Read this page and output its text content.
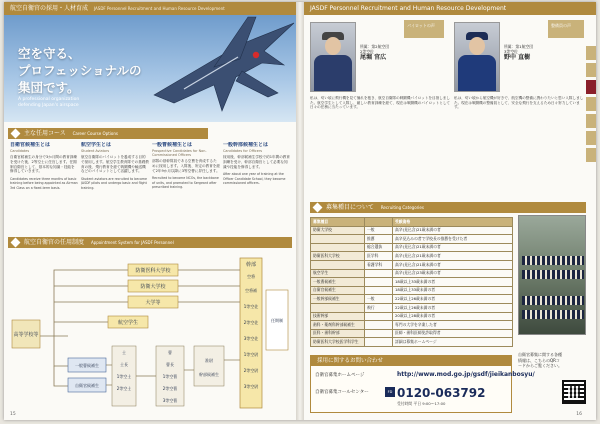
航空自衛官の採用・人材育成 JASDF Personnel Recruitment and Human Resource Development
空を守る、
プロフェッショナルの
集団です。
A professional organization
defending Japan's airspace
主な任用コース Career Course Options
自衛官候補生とは
Candidates

自衛官候補生の身分で3か月間の教育訓練を受けた後、2等空士に任官します。任期制自衛官として、基本的な知識・技能を修得していきます。

Candidates receive three months of basic training before being appointed as Airman 3rd Class on a fixed-term basis.

航空学生とは
Student Aviators

航空自衛隊のパイロットを養成する目的で採用します。航空学生教育隊での基礎教育の後、飛行教育を経て戦闘機や輸送機などのパイロットとして活躍します。

Student aviators are recruited to become JASDF pilots and undergo basic and flight training.

一般曹候補生とは
Prospective Candidates for Non-Commissioned Officers

部隊の基幹隊員である空曹を育成するために採用します。入隊後、所定の教育を経て2年9か月以降に3等空曹に昇任します。

Recruited to become NCOs, the backbone of units, and promoted to Sergeant after prescribed training.

一般幹部候補生とは
Candidates for Officers

採用後、幹部候補生学校で約1年間の教育訓練を受け、幹部自衛官として必要な知識や技能を修得します。

After about one year of training at the Officer Candidate School, they become commissioned officers.

航空自衛官の任用制度 Appointment System for JASDF Personnel
高等学校等
防衛医科大学校
防衛大学校
大学等
航空学生
一般曹候補生
自衛官候補生
士
士長
1等空士
2等空士
曹
曹長
1等空曹
2等空曹
3等空曹
准尉
幹部候補生
幹部
空将
空将補
1等空佐
2等空佐
3等空佐
1等空尉
2等空尉
3等空尉
任期制
15
JASDF Personnel Recruitment and Human Resource Development
所属：第2航空団
2等空佐
尾堀 官広
パイロットの声
所属：第1航空団
3等空佐
野中 直樹
整備員の声
私は、幼い頃に飛行機を見て憧れを抱き、航空自衛隊の戦闘機パイロットを目指しました。航空学生として入隊し、厳しい教育訓練を経て、現在は戦闘機のパイロットとして日々の任務に当たっています。
私は、幼い頃から航空機が好きで、航空機の整備に携わりたいと思い入隊しました。現在は戦闘機の整備員として、安全な飛行を支えるため日々努力しています。
募集種目について Recruiting Categories
募集種目		受験資格
防衛大学校	一般	高卒(見込含)21歳未満の者
	推薦	高卒見込みの者で学校長の推薦を受けた者
	総合選抜	高卒(見込含)21歳未満の者
防衛医科大学校	医学科	高卒(見込含)21歳未満の者
	看護学科	高卒(見込含)21歳未満の者
航空学生		高卒(見込含)23歳未満の者
一般曹候補生		18歳以上33歳未満の者
自衛官候補生		18歳以上33歳未満の者
一般幹部候補生	一般	22歳以上26歳未満の者
	飛行	22歳以上26歳未満の者
技術幹部		20歳以上28歳未満の者
歯科・薬剤科幹部候補生		専門の大学を卒業した者
医科・歯科幹部		医師・歯科医師免許取得者
防衛医科大学校医学科学生		詳細は募集ホームページ
採用に関するお問い合わせ
自衛官募集ホームページ	http://www.mod.go.jp/gsdf/jieikanbosyu/
自衛官募集コールセンター	FD 0120-063792
受付時間 平日 9:00〜17:00
自衛官募集に関する各種情報は、こちらのQRコードからご覧ください。
16
